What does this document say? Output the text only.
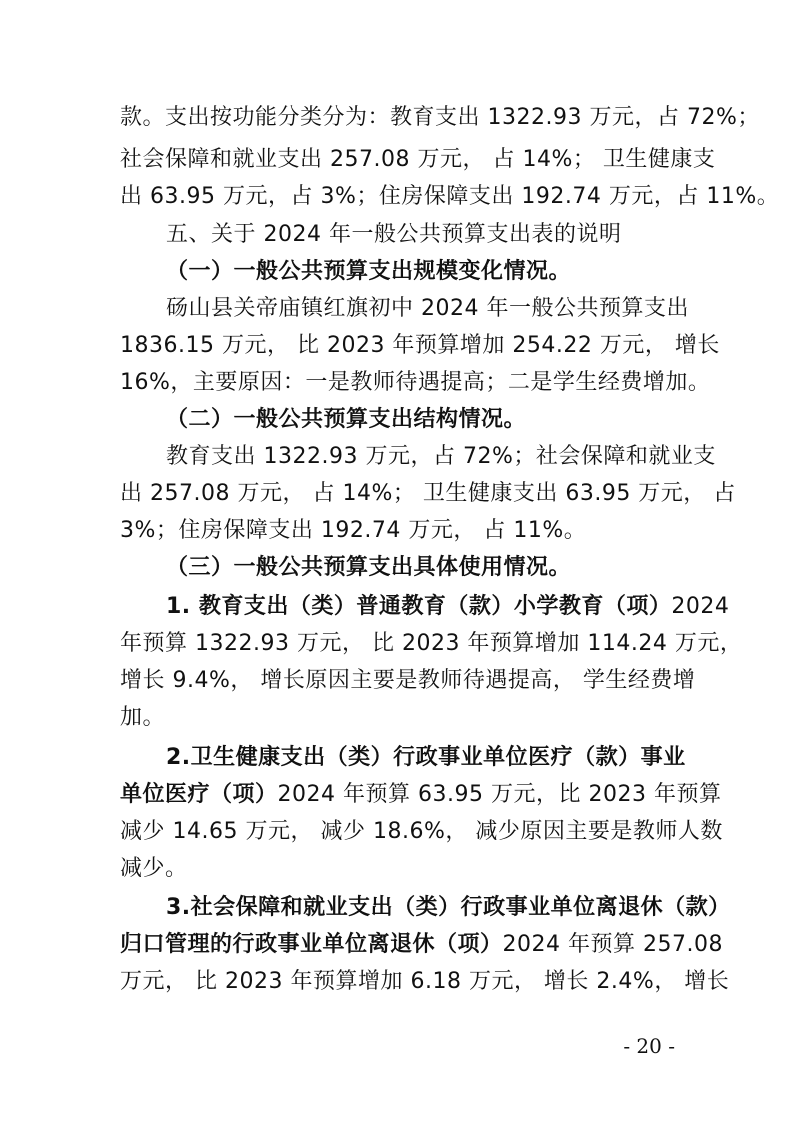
款。支出按功能分类分为：教育支出 1322.93 万元，占 72%；
社会保障和就业支出 257.08 万元， 占 14%； 卫生健康支
出 63.95 万元，占 3%；住房保障支出 192.74 万元，占 11%。
五、关于 2024 年一般公共预算支出表的说明
（一）一般公共预算支出规模变化情况。
砀山县关帝庙镇红旗初中 2024 年一般公共预算支出
1836.15 万元， 比 2023 年预算增加 254.22 万元， 增长
16%，主要原因：一是教师待遇提高；二是学生经费增加。
（二）一般公共预算支出结构情况。
教育支出 1322.93 万元，占 72%；社会保障和就业支
出 257.08 万元， 占 14%； 卫生健康支出 63.95 万元， 占
3%；住房保障支出 192.74 万元， 占 11%。
（三）一般公共预算支出具体使用情况。
1. 教育支出（类）普通教育（款）小学教育（项）2024
年预算 1322.93 万元， 比 2023 年预算增加 114.24 万元，
增长 9.4%， 增长原因主要是教师待遇提高， 学生经费增
加。
2.卫生健康支出（类）行政事业单位医疗（款）事业
单位医疗（项）2024 年预算 63.95 万元，比 2023 年预算
减少 14.65 万元， 减少 18.6%， 减少原因主要是教师人数
减少。
3.社会保障和就业支出（类）行政事业单位离退休（款）
归口管理的行政事业单位离退休（项）2024 年预算 257.08
万元， 比 2023 年预算增加 6.18 万元， 增长 2.4%， 增长
- 20 -
